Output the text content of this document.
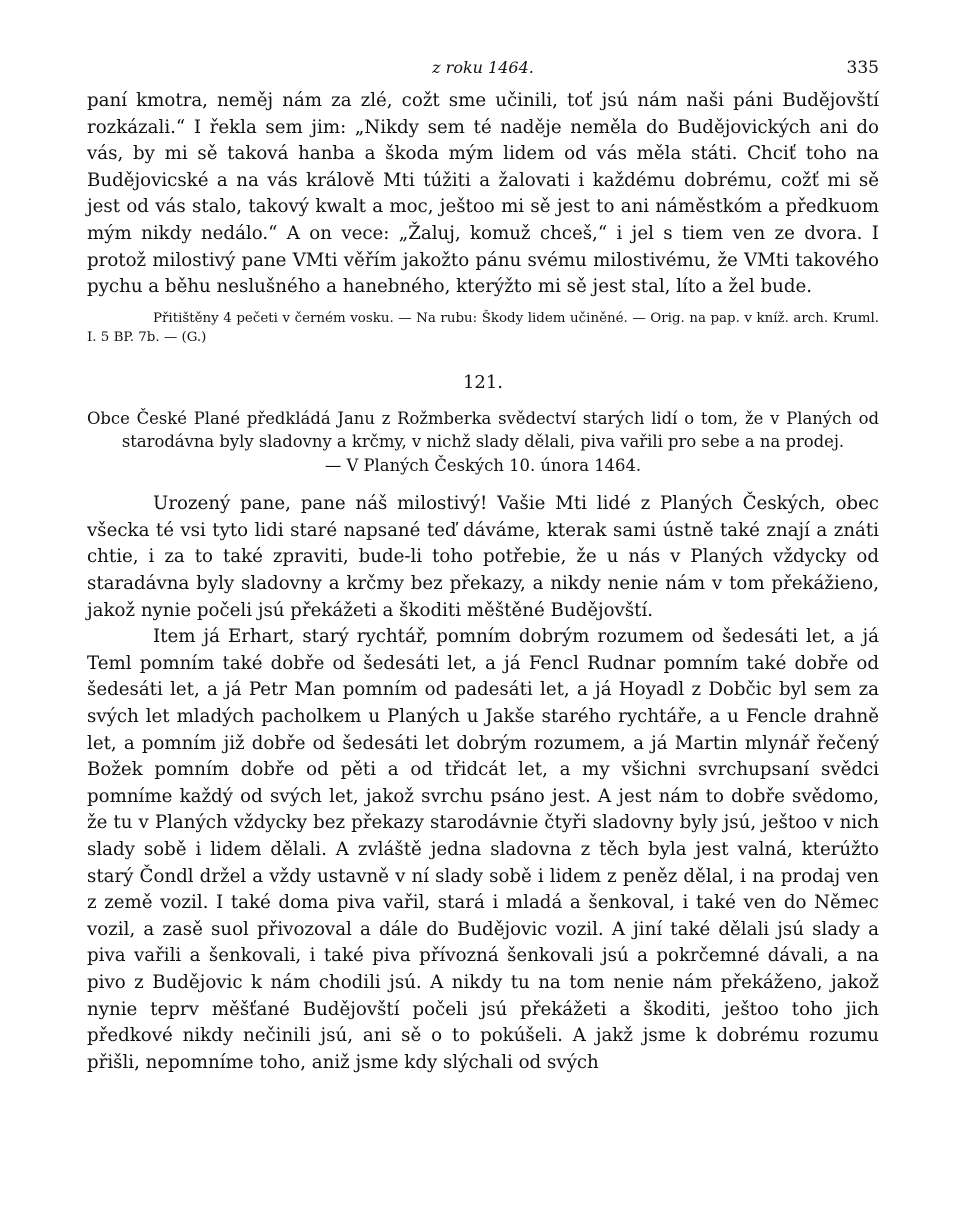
z roku 1464.	335

paní kmotra, neměj nám za zlé, cožt sme učinili, toť jsú nám naši páni Budějovští rozkázali.“ I řekla sem jim: „Nikdy sem té naděje neměla do Budějovických ani do vás, by mi sě taková hanba a škoda mým lidem od vás měla státi. Chciť toho na Budějovicské a na vás králově Mti túžiti a žalovati i každému dobrému, cožť mi sě jest od vás stalo, takový kwalt a moc, ještoo mi sě jest to ani náměstkóm a předkuom mým nikdy nedálo.“ A on vece: „Žaluj, komuž chceš,“ i jel s tiem ven ze dvora. I protož milostivý pane VMti věřím jakožto pánu svému milostivému, že VMti takového pychu a běhu neslušného a hanebného, kterýžto mi sě jest stal, líto a žel bude.

Přitištěny 4 pečeti v černém vosku. — Na rubu: Škody lidem učiněné. — Orig. na pap. v kníž. arch. Kruml. I. 5 BP. 7b. — (G.)

121.

Obce České Plané předkládá Janu z Rožmberka svědectví starých lidí o tom, že v Planých od starodávna byly sladovny a krčmy, v nichž slady dělali, piva vařili pro sebe a na prodej.
— V Planých Českých 10. února 1464.

Urozený pane, pane náš milostivý! Vašie Mti lidé z Planých Českých, obec všecka té vsi tyto lidi staré napsané teď dáváme, kterak sami ústně také znají a znáti chtie, i za to také zpraviti, bude-li toho potřebie, že u nás v Planých vždycky od staradávna byly sladovny a krčmy bez překazy, a nikdy nenie nám v tom překážieno, jakož nynie počeli jsú překážeti a škoditi měštěné Budějovští.

Item já Erhart, starý rychtář, pomním dobrým rozumem od šedesáti let, a já Teml pomním také dobře od šedesáti let, a já Fencl Rudnar pomním také dobře od šedesáti let, a já Petr Man pomním od padesáti let, a já Hoyadl z Dobčic byl sem za svých let mladých pacholkem u Planých u Jakše starého rychtáře, a u Fencle drahně let, a pomním již dobře od šedesáti let dobrým rozumem, a já Martin mlynář řečený Božek pomním dobře od pěti a od třidcát let, a my všichni svrchupsaní svědci pomníme každý od svých let, jakož svrchu psáno jest. A jest nám to dobře svědomo, že tu v Planých vždycky bez překazy starodávnie čtyři sladovny byly jsú, ještoo v nich slady sobě i lidem dělali. A zvláště jedna sladovna z těch byla jest valná, kterúžto starý Čondl držel a vždy ustavně v ní slady sobě i lidem z peněz dělal, i na prodaj ven z země vozil. I také doma piva vařil, stará i mladá a šenkoval, i také ven do Němec vozil, a zasě suol přivozoval a dále do Budějovic vozil. A jiní také dělali jsú slady a piva vařili a šenkovali, i také piva přívozná šenkovali jsú a pokrčemné dávali, a na pivo z Budějovic k nám chodili jsú. A nikdy tu na tom nenie nám překáženo, jakož nynie teprv měšťané Budějovští počeli jsú překážeti a škoditi, ještoo toho jich předkové nikdy nečinili jsú, ani sě o to pokúšeli. A jakž jsme k dobrému rozumu přišli, nepomníme toho, aniž jsme kdy slýchali od svých
